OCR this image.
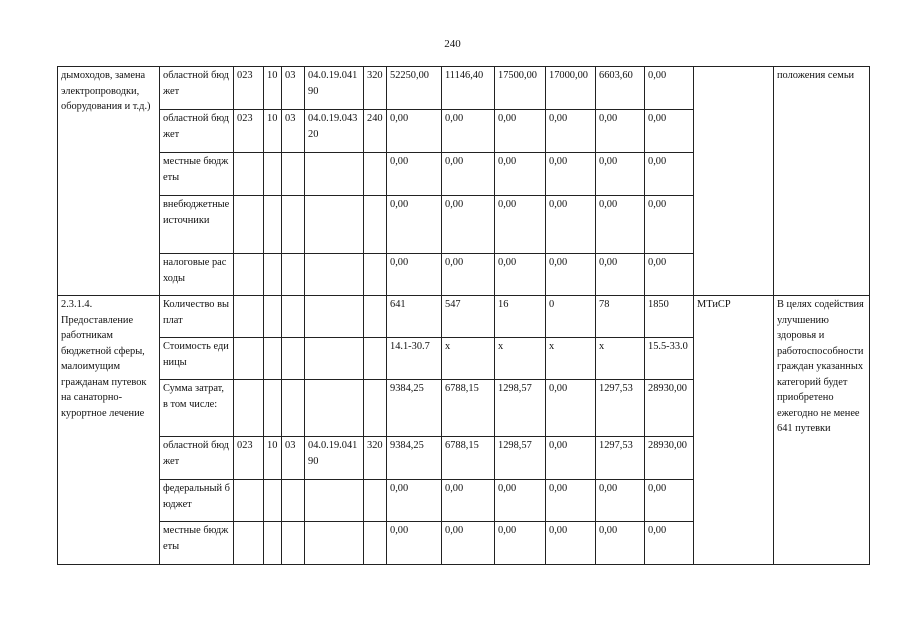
240
дымоходов, замена электропроводки, оборудования и т.д.)	облaстной бюджет	023	10	03	04.0.19.04190	320	52250,00	11146,40	17500,00	17000,00	6603,60	0,00		положения семьи
	областной бюджет	023	10	03	04.0.19.04320	240	0,00	0,00	0,00	0,00	0,00	0,00		
	местные бюджеты						0,00	0,00	0,00	0,00	0,00	0,00		
	внебюджетные источники						0,00	0,00	0,00	0,00	0,00	0,00		
	налоговые расходы						0,00	0,00	0,00	0,00	0,00	0,00		
2.3.1.4. Предоставление работникам бюджетной сферы, малоимущим гражданам путевок на санаторно-курортное лечение	Количество выплат						641	547	16	0	78	1850	МТиСР	В целях содействия улучшению здоровья и работоспособности граждан указанных категорий будет приобретено ежегодно не менее 641 путевки
	Стоимость единицы						14.1-30.7	х	х	х	х	15.5-33.0		
	Сумма затрат, в том числе:						9384,25	6788,15	1298,57	0,00	1297,53	28930,00		
	областной бюджет	023	10	03	04.0.19.04190	320	9384,25	6788,15	1298,57	0,00	1297,53	28930,00		
	федеральный бюджет						0,00	0,00	0,00	0,00	0,00	0,00		
	местные бюджеты						0,00	0,00	0,00	0,00	0,00	0,00		
